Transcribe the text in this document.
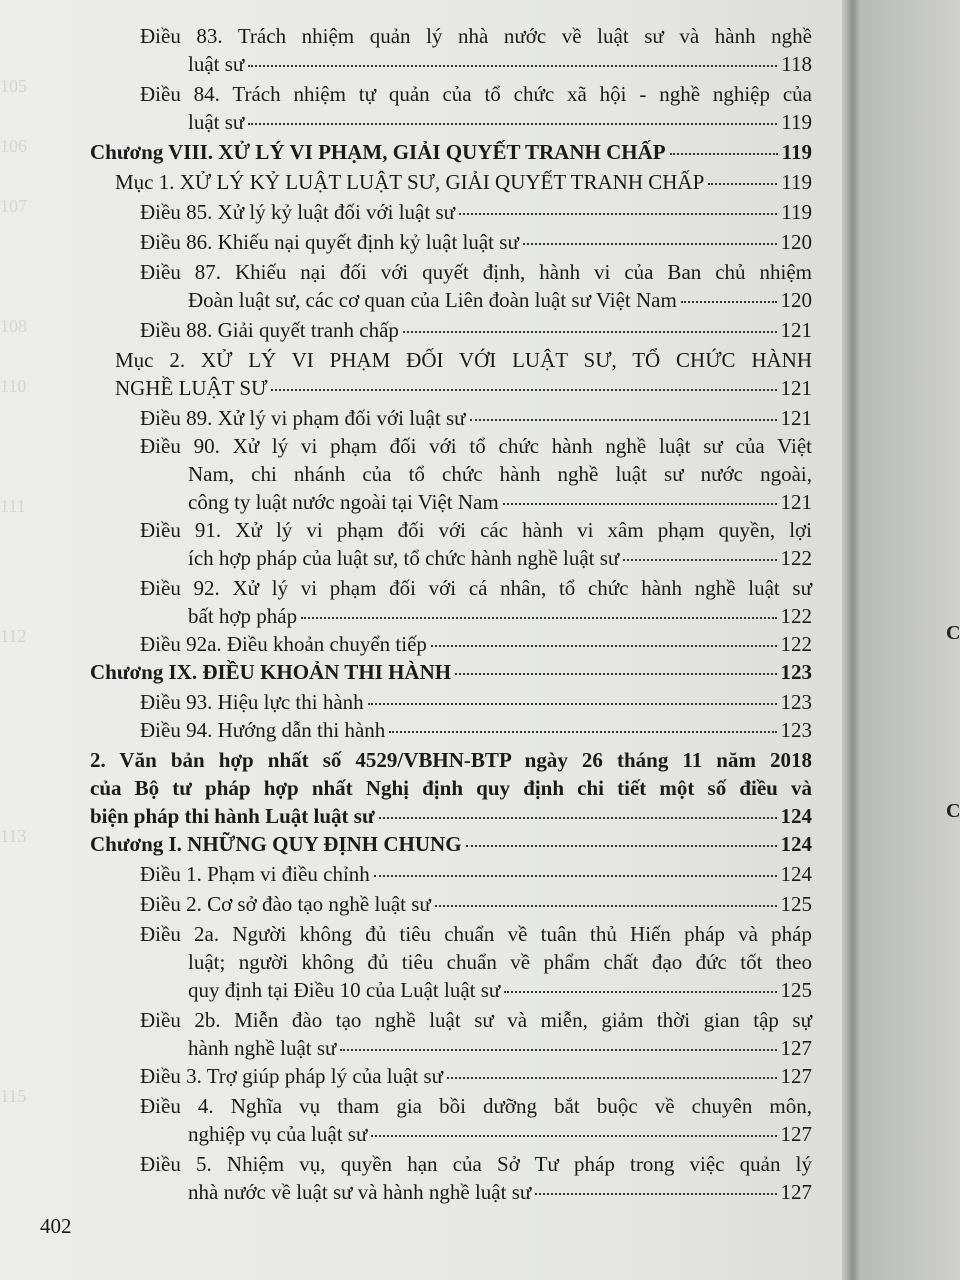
105
106
107
108
110
111
112
113
115
Điều 83. Trách nhiệm quản lý nhà nước về luật sư và hành nghề
luật sư	118
Điều 84. Trách nhiệm tự quản của tổ chức xã hội - nghề nghiệp của
luật sư	119
Chương VIII. XỬ LÝ VI PHẠM, GIẢI QUYẾT TRANH CHẤP	119
Mục 1. XỬ LÝ KỶ LUẬT LUẬT SƯ, GIẢI QUYẾT TRANH CHẤP	119
Điều 85. Xử lý kỷ luật đối với luật sư	119
Điều 86. Khiếu nại quyết định kỷ luật luật sư	120
Điều 87. Khiếu nại đối với quyết định, hành vi của Ban chủ nhiệm
Đoàn luật sư, các cơ quan của Liên đoàn luật sư Việt Nam	120
Điều 88. Giải quyết tranh chấp	121
Mục 2. XỬ LÝ VI PHẠM ĐỐI VỚI LUẬT SƯ, TỔ CHỨC HÀNH
NGHỀ LUẬT SƯ	121
Điều 89. Xử lý vi phạm đối với luật sư	121
Điều 90. Xử lý vi phạm đối với tổ chức hành nghề luật sư của Việt
Nam, chi nhánh của tổ chức hành nghề luật sư nước ngoài,
công ty luật nước ngoài tại Việt Nam	121
Điều 91. Xử lý vi phạm đối với các hành vi xâm phạm quyền, lợi
ích hợp pháp của luật sư, tổ chức hành nghề luật sư	122
Điều 92. Xử lý vi phạm đối với cá nhân, tổ chức hành nghề luật sư
bất hợp pháp	122
Điều 92a. Điều khoản chuyển tiếp	122
Chương IX. ĐIỀU KHOẢN THI HÀNH	123
Điều 93. Hiệu lực thi hành	123
Điều 94. Hướng dẫn thi hành	123
2. Văn bản hợp nhất số 4529/VBHN-BTP ngày 26 tháng 11 năm 2018
của Bộ tư pháp hợp nhất Nghị định quy định chi tiết một số điều và
biện pháp thi hành Luật luật sư	124
Chương I. NHỮNG QUY ĐỊNH CHUNG	124
Điều 1. Phạm vi điều chỉnh	124
Điều 2. Cơ sở đào tạo nghề luật sư	125
Điều 2a. Người không đủ tiêu chuẩn về tuân thủ Hiến pháp và pháp
luật; người không đủ tiêu chuẩn về phẩm chất đạo đức tốt theo
quy định tại Điều 10 của Luật luật sư	125
Điều 2b. Miễn đào tạo nghề luật sư và miễn, giảm thời gian tập sự
hành nghề luật sư	127
Điều 3. Trợ giúp pháp lý của luật sư	127
Điều 4. Nghĩa vụ tham gia bồi dưỡng bắt buộc về chuyên môn,
nghiệp vụ của luật sư	127
Điều 5. Nhiệm vụ, quyền hạn của Sở Tư pháp trong việc quản lý
nhà nước về luật sư và hành nghề luật sư	127
402
C
C
